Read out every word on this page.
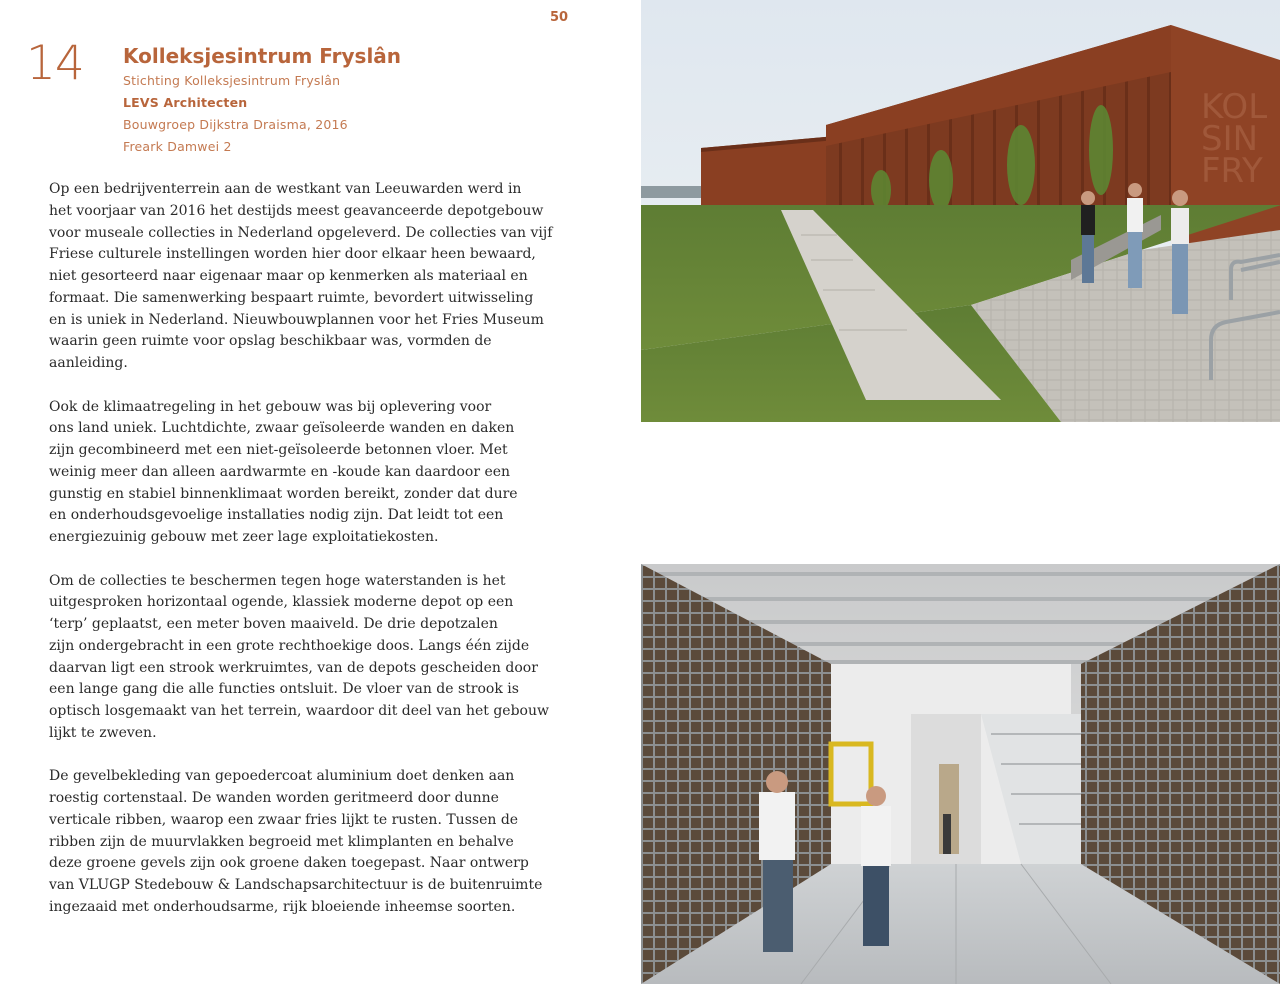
50
14 Kolleksjesintrum Fryslân
Stichting Kolleksjesintrum Fryslân
LEVS Architecten
Bouwgroep Dijkstra Draisma, 2016
Freark Damwei 2

Op een bedrijventerrein aan de westkant van Leeuwarden werd in
het voorjaar van 2016 het destijds meest geavanceerde depotgebouw
voor museale collecties in Nederland opgeleverd. De collecties van vijf
Friese culturele instellingen worden hier door elkaar heen bewaard,
niet gesorteerd naar eigenaar maar op kenmerken als materiaal en
formaat. Die samenwerking bespaart ruimte, bevordert uitwisseling
en is uniek in Nederland. Nieuwbouwplannen voor het Fries Museum
waarin geen ruimte voor opslag beschikbaar was, vormden de
aanleiding.

Ook de klimaatregeling in het gebouw was bij oplevering voor
ons land uniek. Luchtdichte, zwaar geïsoleerde wanden en daken
zijn gecombineerd met een niet-geïsoleerde betonnen vloer. Met
weinig meer dan alleen aardwarmte en -koude kan daardoor een
gunstig en stabiel binnenklimaat worden bereikt, zonder dat dure
en onderhoudsgevoelige installaties nodig zijn. Dat leidt tot een
energiezuinig gebouw met zeer lage exploitatiekosten.

Om de collecties te beschermen tegen hoge waterstanden is het
uitgesproken horizontaal ogende, klassiek moderne depot op een
‘terp’ geplaatst, een meter boven maaiveld. De drie depotzalen
zijn ondergebracht in een grote rechthoekige doos. Langs één zijde
daarvan ligt een strook werkruimtes, van de depots gescheiden door
een lange gang die alle functies ontsluit. De vloer van de strook is
optisch losgemaakt van het terrein, waardoor dit deel van het gebouw
lijkt te zweven.

De gevelbekleding van gepoedercoat aluminium doet denken aan
roestig cortenstaal. De wanden worden geritmeerd door dunne
verticale ribben, waarop een zwaar fries lijkt te rusten. Tussen de
ribben zijn de muurvlakken begroeid met klimplanten en behalve
deze groene gevels zijn ook groene daken toegepast. Naar ontwerp
van VLUGP Stedebouw & Landschapsarchitectuur is de buitenruimte
ingezaaid met onderhoudsarme, rijk bloeiende inheemse soorten.

KOL
SIN
FRY
